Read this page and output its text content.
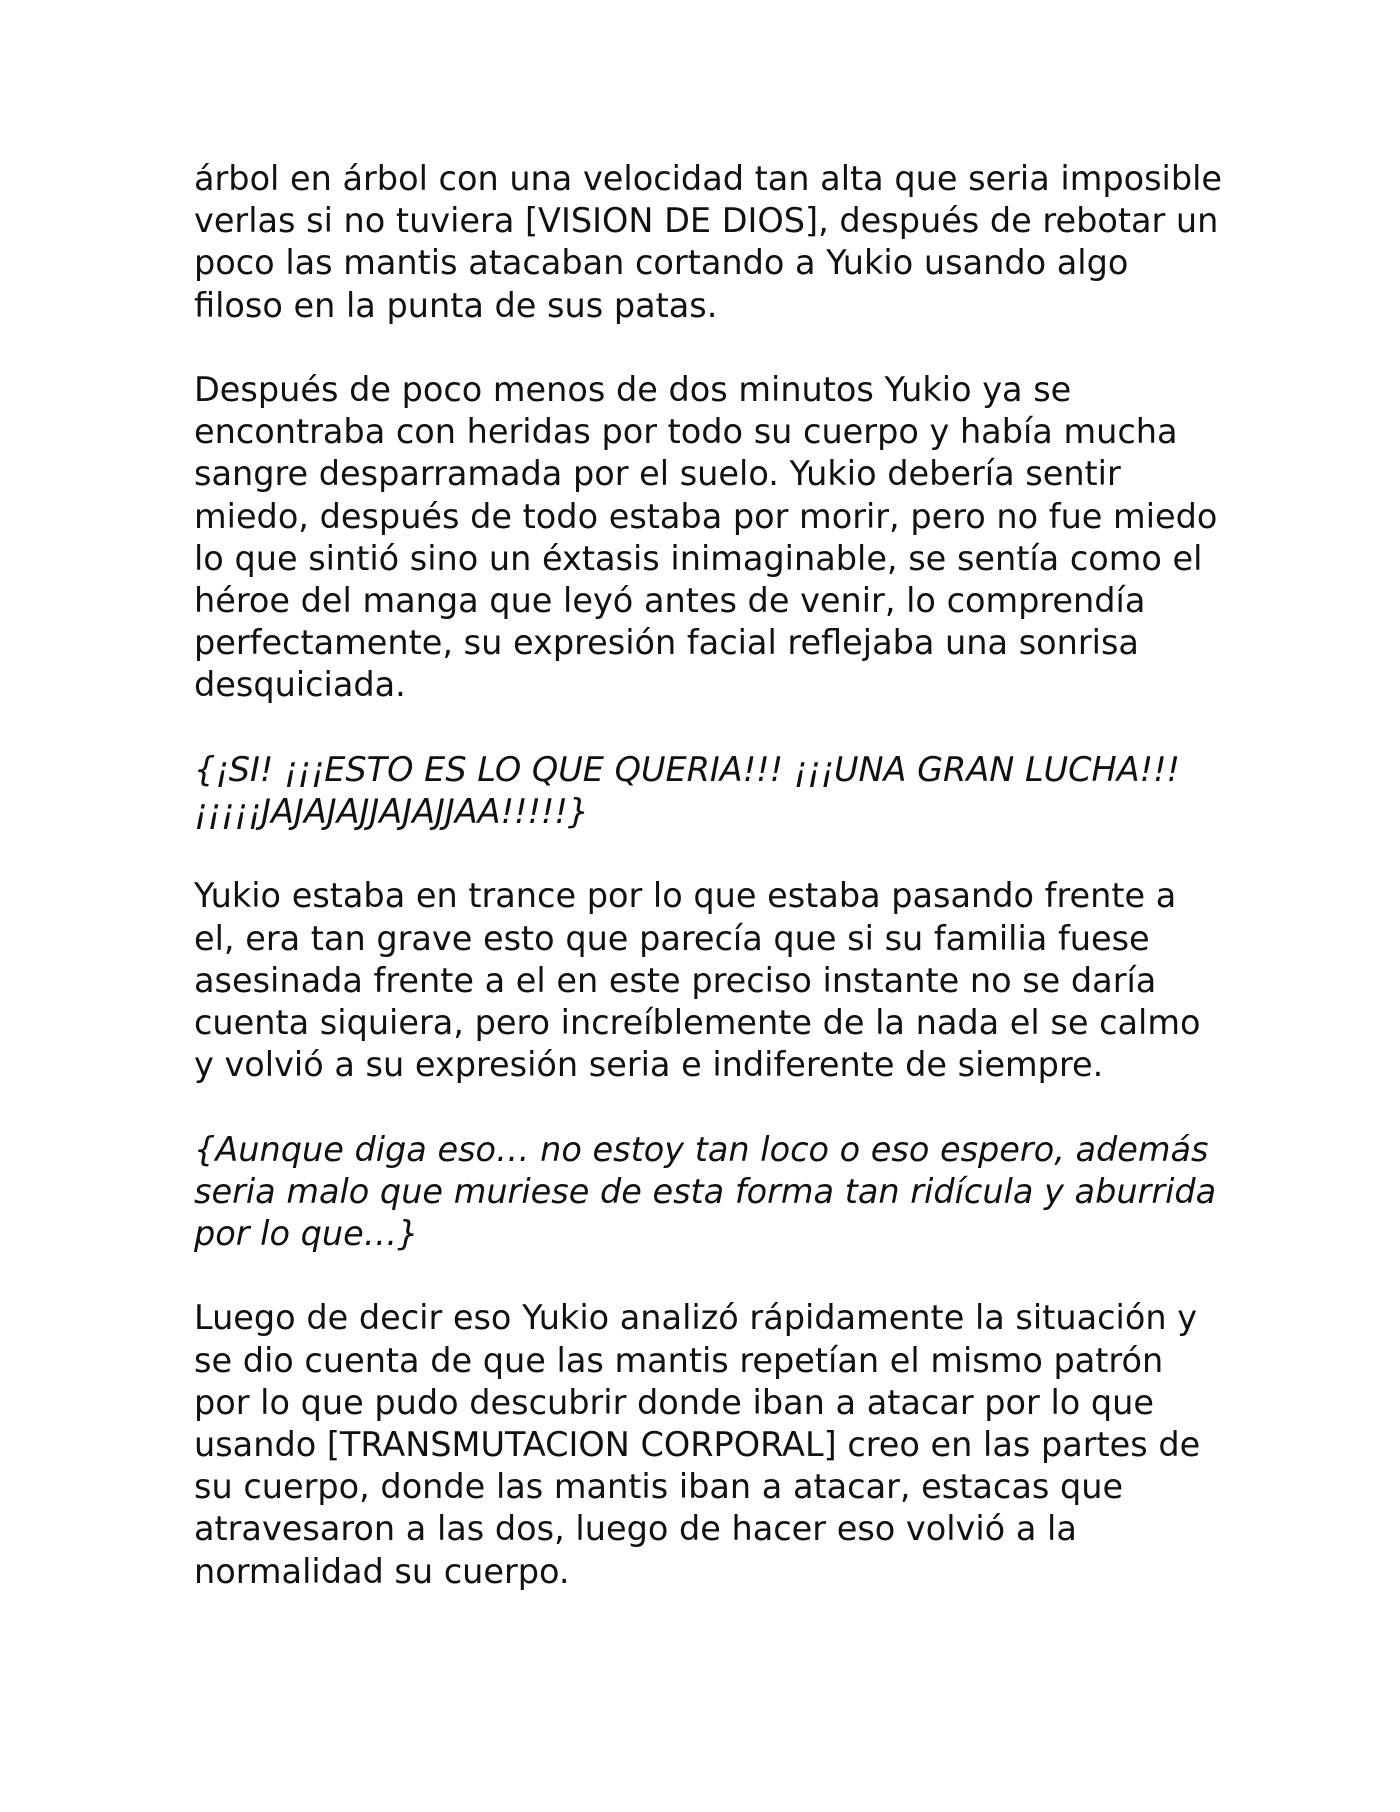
árbol en árbol con una velocidad tan alta que seria imposible verlas si no tuviera [VISION DE DIOS], después de rebotar un poco las mantis atacaban cortando a Yukio usando algo filoso en la punta de sus patas.

Después de poco menos de dos minutos Yukio ya se encontraba con heridas por todo su cuerpo y había mucha sangre desparramada por el suelo. Yukio debería sentir miedo, después de todo estaba por morir, pero no fue miedo lo que sintió sino un éxtasis inimaginable, se sentía como el héroe del manga que leyó antes de venir, lo comprendía perfectamente, su expresión facial reflejaba una sonrisa desquiciada.

{¡SI! ¡¡¡ESTO ES LO QUE QUERIA!!! ¡¡¡UNA GRAN LUCHA!!! ¡¡¡¡¡JAJAJAJJAJAJJAA!!!!!}

Yukio estaba en trance por lo que estaba pasando frente a el, era tan grave esto que parecía que si su familia fuese asesinada frente a el en este preciso instante no se daría cuenta siquiera, pero increíblemente de la nada el se calmo y volvió a su expresión seria e indiferente de siempre.

{Aunque diga eso… no estoy tan loco o eso espero, además seria malo que muriese de esta forma tan ridícula y aburrida por lo que…}

Luego de decir eso Yukio analizó rápidamente la situación y se dio cuenta de que las mantis repetían el mismo patrón por lo que pudo descubrir donde iban a atacar por lo que usando [TRANSMUTACION CORPORAL] creo en las partes de su cuerpo, donde las mantis iban a atacar, estacas que atravesaron a las dos, luego de hacer eso volvió a la normalidad su cuerpo.
